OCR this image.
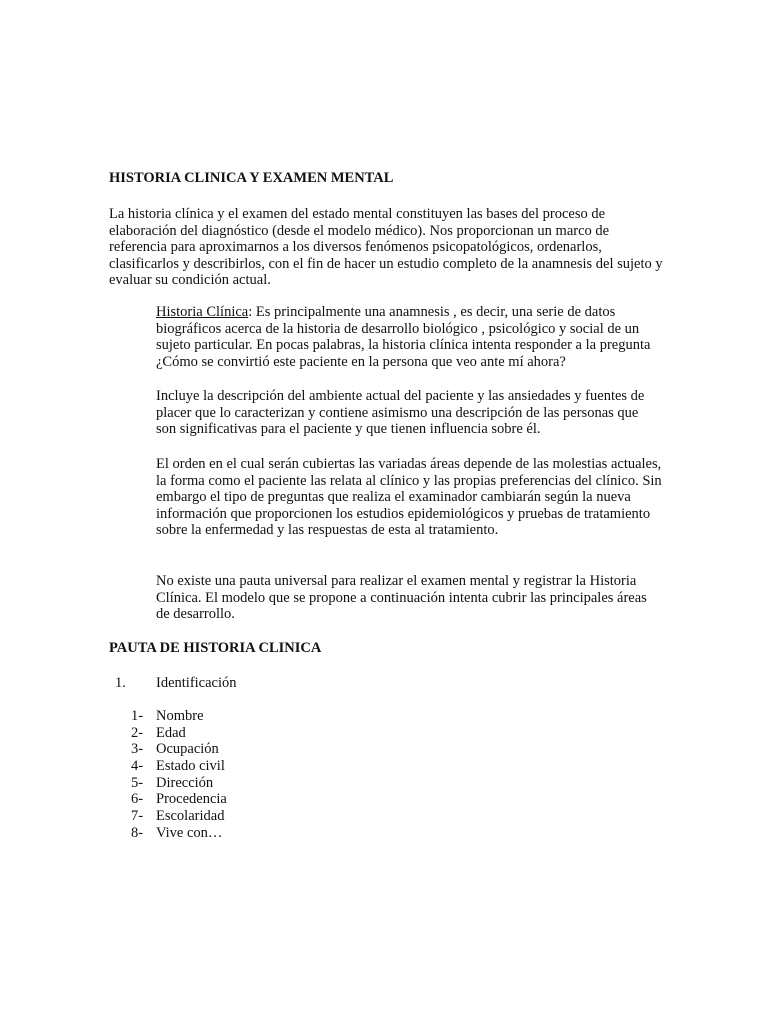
HISTORIA CLINICA Y EXAMEN MENTAL

La historia clínica y el examen del estado mental constituyen las bases del proceso de elaboración del diagnóstico (desde el modelo médico). Nos proporcionan un marco de referencia para aproximarnos a los diversos fenómenos psicopatológicos, ordenarlos, clasificarlos y describirlos, con el fin de hacer un estudio completo de la anamnesis del sujeto y evaluar su condición actual.

Historia Clínica: Es principalmente una anamnesis , es decir, una serie de datos biográficos acerca de la historia de desarrollo biológico , psicológico y social de un sujeto particular. En pocas palabras, la historia clínica intenta responder a la pregunta ¿Cómo se convirtió este paciente en la persona que veo ante mí ahora?

Incluye la descripción del ambiente actual del paciente y las ansiedades y fuentes de placer que lo caracterizan y contiene asimismo una descripción de las personas que son significativas para el paciente y que tienen influencia sobre él.

El orden en el cual serán cubiertas las variadas áreas depende de las molestias actuales, la forma como el paciente las relata al clínico y las propias preferencias del clínico. Sin embargo el tipo de preguntas que realiza el examinador cambiarán según la nueva información que proporcionen los estudios epidemiológicos y pruebas de tratamiento sobre la enfermedad y las respuestas de esta al tratamiento.

No existe una pauta universal para realizar el examen mental y registrar la Historia Clínica. El modelo que se propone a continuación intenta cubrir las principales áreas de desarrollo.

PAUTA DE HISTORIA CLINICA
1. Identificación
1- Nombre
2- Edad
3- Ocupación
4- Estado civil
5- Dirección
6- Procedencia
7- Escolaridad
8- Vive con…
